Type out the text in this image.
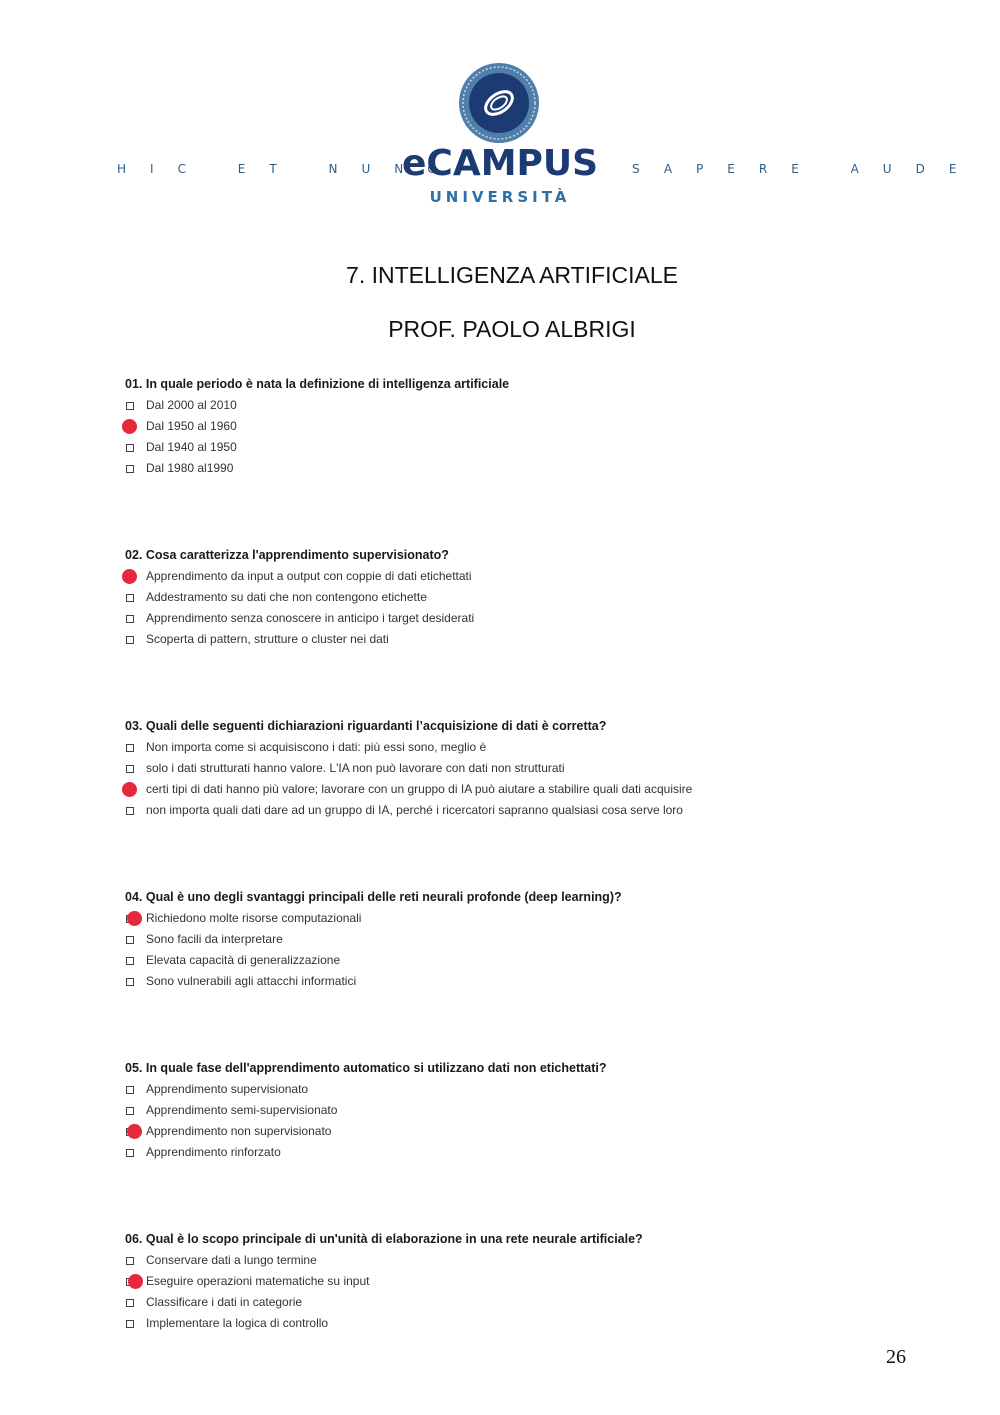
HIC ET NUNC
eCAMPUS
UNIVERSITÀ
SAPERE AUDE
7. INTELLIGENZA ARTIFICIALE
PROF. PAOLO ALBRIGI
01. In quale periodo è nata la definizione di intelligenza artificiale
Dal 2000 al 2010
Dal 1950 al 1960
Dal 1940 al 1950
Dal 1980 al1990
02. Cosa caratterizza l'apprendimento supervisionato?
Apprendimento da input a output con coppie di dati etichettati
Addestramento su dati che non contengono etichette
Apprendimento senza conoscere in anticipo i target desiderati
Scoperta di pattern, strutture o cluster nei dati
03. Quali delle seguenti dichiarazioni riguardanti l’acquisizione di dati è corretta?
Non importa come si acquisiscono i dati: più essi sono, meglio è
solo i dati strutturati hanno valore. L'IA non può lavorare con dati non strutturati
certi tipi di dati hanno più valore; lavorare con un gruppo di IA può aiutare a stabilire quali dati acquisire
non importa quali dati dare ad un gruppo di IA, perché i ricercatori sapranno qualsiasi cosa serve loro
04. Qual è uno degli svantaggi principali delle reti neurali profonde (deep learning)?
Richiedono molte risorse computazionali
Sono facili da interpretare
Elevata capacità di generalizzazione
Sono vulnerabili agli attacchi informatici
05. In quale fase dell'apprendimento automatico si utilizzano dati non etichettati?
Apprendimento supervisionato
Apprendimento semi-supervisionato
Apprendimento non supervisionato
Apprendimento rinforzato
06. Qual è lo scopo principale di un'unità di elaborazione in una rete neurale artificiale?
Conservare dati a lungo termine
Eseguire operazioni matematiche su input
Classificare i dati in categorie
Implementare la logica di controllo
26
